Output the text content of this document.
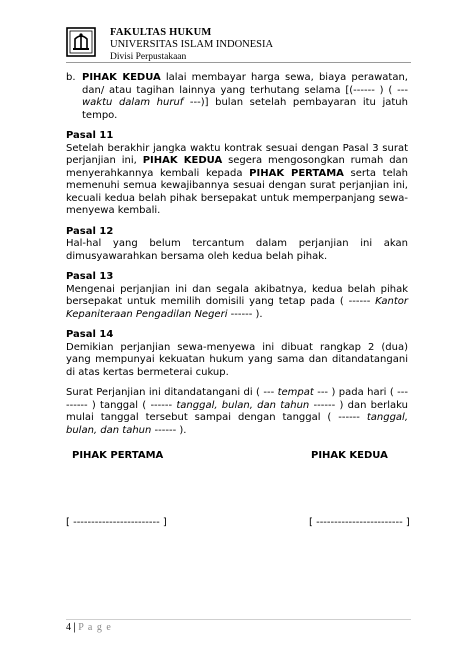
FAKULTAS HUKUM
UNIVERSITAS ISLAM INDONESIA
Divisi Perpustakaan
b. PIHAK KEDUA lalai membayar harga sewa, biaya perawatan, dan/ atau tagihan lainnya yang terhutang selama [(------ ) ( --- waktu dalam huruf ---)] bulan setelah pembayaran itu jatuh tempo.

Pasal 11

Setelah berakhir jangka waktu kontrak sesuai dengan Pasal 3 surat perjanjian ini, PIHAK KEDUA segera mengosongkan rumah dan menyerahkannya kembali kepada PIHAK PERTAMA serta telah memenuhi semua kewajibannya sesuai dengan surat perjanjian ini, kecuali kedua belah pihak bersepakat untuk memperpanjang sewa-menyewa kembali.

Pasal 12

Hal-hal yang belum tercantum dalam perjanjian ini akan dimusyawarahkan bersama oleh kedua belah pihak.

Pasal 13

Mengenai perjanjian ini dan segala akibatnya, kedua belah pihak bersepakat untuk memilih domisili yang tetap pada ( ------ Kantor Kepaniteraan Pengadilan Negeri ------ ).

Pasal 14

Demikian perjanjian sewa-menyewa ini dibuat rangkap 2 (dua) yang mempunyai kekuatan hukum yang sama dan ditandatangani di atas kertas bermeterai cukup.

Surat Perjanjian ini ditandatangani di ( --- tempat --- ) pada hari ( --------- ) tanggal ( ------ tanggal, bulan, dan tahun ------ ) dan berlaku mulai tanggal tersebut sampai dengan tanggal ( ------ tanggal, bulan, dan tahun ------ ).

PIHAK PERTAMA	PIHAK KEDUA
[ ------------------------ ]	[ ------------------------ ]
4 | P a g e
